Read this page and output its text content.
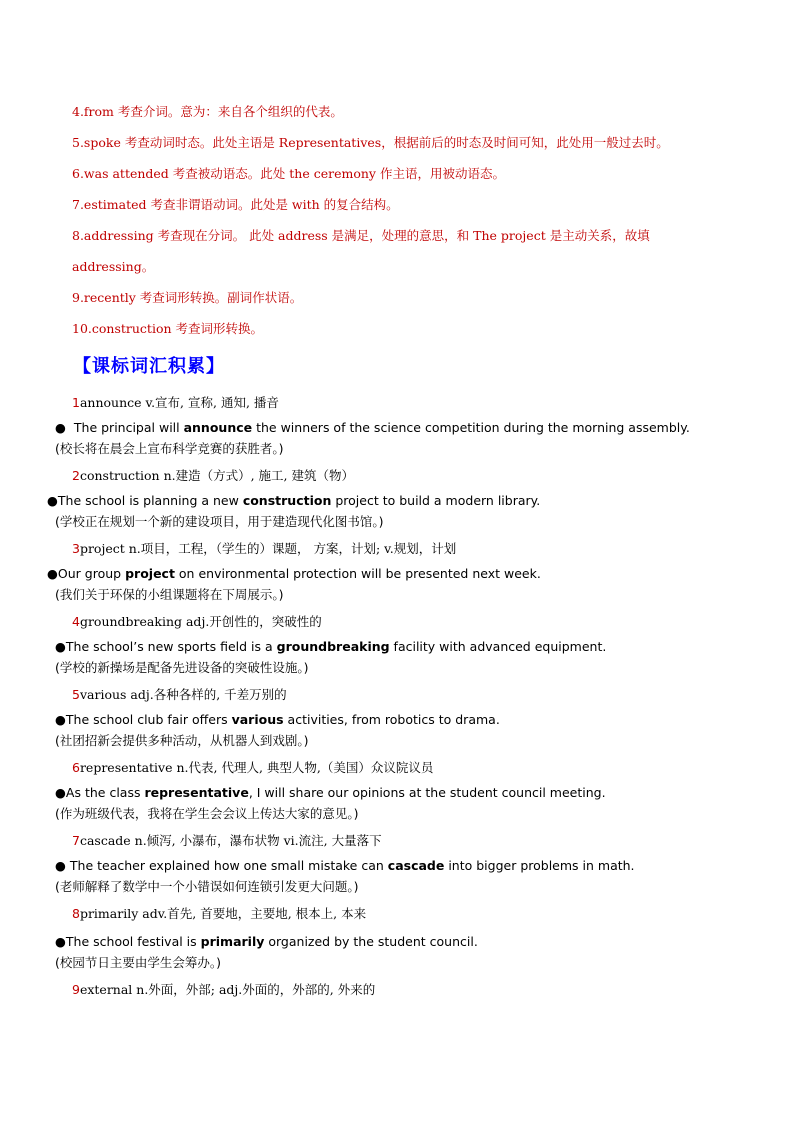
4.from 考查介词。意为：来自各个组织的代表。
5.spoke 考查动词时态。此处主语是 Representatives，根据前后的时态及时间可知，此处用一般过去时。
6.was attended 考查被动语态。此处 the ceremony 作主语，用被动语态。
7.estimated 考查非谓语动词。此处是 with 的复合结构。
8.addressing 考查现在分词。 此处 address 是满足，处理的意思，和 The project 是主动关系，故填
addressing。
9.recently 考查词形转换。副词作状语。
10.construction 考查词形转换。
【课标词汇积累】
1announce v.宣布, 宣称, 通知, 播音
● The principal will announce the winners of the science competition during the morning assembly.
(校长将在晨会上宣布科学竞赛的获胜者。)
2construction n.建造（方式）, 施工, 建筑（物）
●The school is planning a new construction project to build a modern library.
(学校正在规划一个新的建设项目，用于建造现代化图书馆。)
3project n.项目，工程，（学生的）课题， 方案，计划; v.规划，计划
●Our group project on environmental protection will be presented next week.
(我们关于环保的小组课题将在下周展示。)
4groundbreaking adj.开创性的，突破性的
●The school’s new sports field is a groundbreaking facility with advanced equipment.
(学校的新操场是配备先进设备的突破性设施。)
5various adj.各种各样的, 千差万别的
●The school club fair offers various activities, from robotics to drama.
(社团招新会提供多种活动，从机器人到戏剧。)
6representative n.代表, 代理人, 典型人物,（美国）众议院议员
●As the class representative, I will share our opinions at the student council meeting.
(作为班级代表，我将在学生会会议上传达大家的意见。)
7cascade n.倾泻, 小瀑布，瀑布状物 vi.流注, 大量落下
● The teacher explained how one small mistake can cascade into bigger problems in math.
(老师解释了数学中一个小错误如何连锁引发更大问题。)
8primarily adv.首先, 首要地，主要地, 根本上, 本来
●The school festival is primarily organized by the student council.
(校园节日主要由学生会筹办。)
9external n.外面，外部; adj.外面的，外部的, 外来的
